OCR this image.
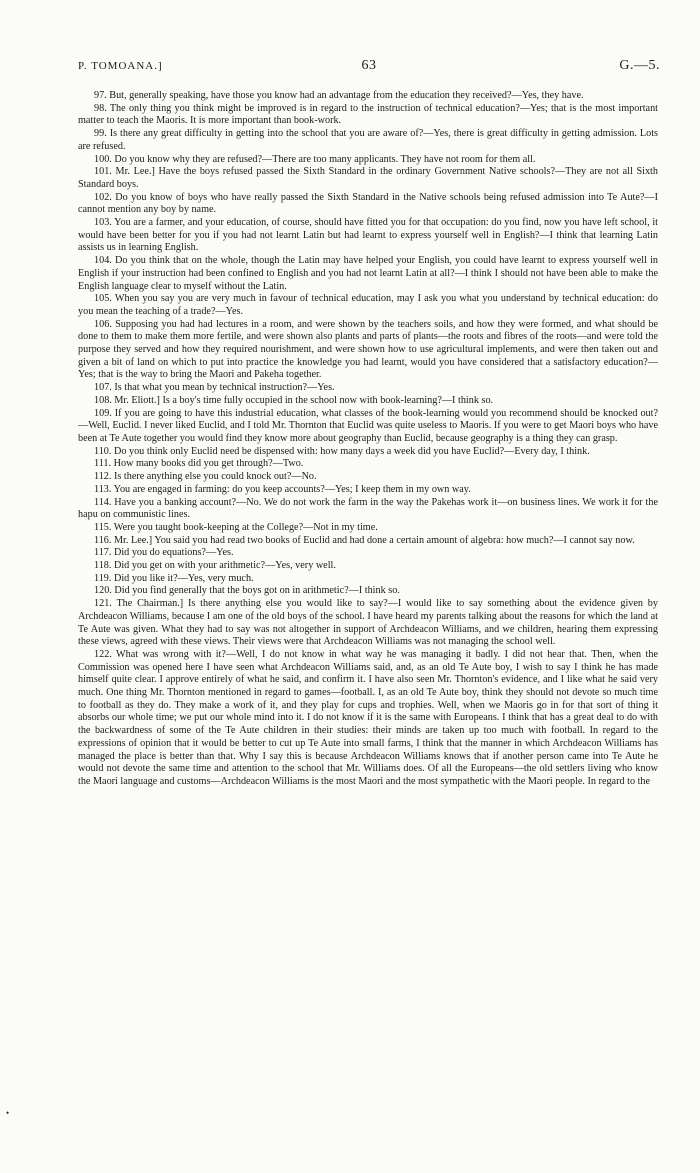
P. TOMOANA.]	63	G.—5.

97. But, generally speaking, have those you know had an advantage from the education they received?—Yes, they have.

98. The only thing you think might be improved is in regard to the instruction of technical education?—Yes; that is the most important matter to teach the Maoris. It is more important than book-work.

99. Is there any great difficulty in getting into the school that you are aware of?—Yes, there is great difficulty in getting admission. Lots are refused.

100. Do you know why they are refused?—There are too many applicants. They have not room for them all.

101. Mr. Lee.] Have the boys refused passed the Sixth Standard in the ordinary Government Native schools?—They are not all Sixth Standard boys.

102. Do you know of boys who have really passed the Sixth Standard in the Native schools being refused admission into Te Aute?—I cannot mention any boy by name.

103. You are a farmer, and your education, of course, should have fitted you for that occupation: do you find, now you have left school, it would have been better for you if you had not learnt Latin but had learnt to express yourself well in English?—I think that learning Latin assists us in learning English.

104. Do you think that on the whole, though the Latin may have helped your English, you could have learnt to express yourself well in English if your instruction had been confined to English and you had not learnt Latin at all?—I think I should not have been able to make the English language clear to myself without the Latin.

105. When you say you are very much in favour of technical education, may I ask you what you understand by technical education: do you mean the teaching of a trade?—Yes.

106. Supposing you had had lectures in a room, and were shown by the teachers soils, and how they were formed, and what should be done to them to make them more fertile, and were shown also plants and parts of plants—the roots and fibres of the roots—and were told the purpose they served and how they required nourishment, and were shown how to use agricultural implements, and were then taken out and given a bit of land on which to put into practice the knowledge you had learnt, would you have considered that a satisfactory education?—Yes; that is the way to bring the Maori and Pakeha together.

107. Is that what you mean by technical instruction?—Yes.

108. Mr. Eliott.] Is a boy's time fully occupied in the school now with book-learning?—I think so.

109. If you are going to have this industrial education, what classes of the book-learning would you recommend should be knocked out?—Well, Euclid. I never liked Euclid, and I told Mr. Thornton that Euclid was quite useless to Maoris. If you were to get Maori boys who have been at Te Aute together you would find they know more about geography than Euclid, because geography is a thing they can grasp.

110. Do you think only Euclid need be dispensed with: how many days a week did you have Euclid?—Every day, I think.

111. How many books did you get through?—Two.

112. Is there anything else you could knock out?—No.

113. You are engaged in farming: do you keep accounts?—Yes; I keep them in my own way.

114. Have you a banking account?—No. We do not work the farm in the way the Pakehas work it—on business lines. We work it for the hapu on communistic lines.

115. Were you taught book-keeping at the College?—Not in my time.

116. Mr. Lee.] You said you had read two books of Euclid and had done a certain amount of algebra: how much?—I cannot say now.

117. Did you do equations?—Yes.

118. Did you get on with your arithmetic?—Yes, very well.

119. Did you like it?—Yes, very much.

120. Did you find generally that the boys got on in arithmetic?—I think so.

121. The Chairman.] Is there anything else you would like to say?—I would like to say something about the evidence given by Archdeacon Williams, because I am one of the old boys of the school. I have heard my parents talking about the reasons for which the land at Te Aute was given. What they had to say was not altogether in support of Archdeacon Williams, and we children, hearing them expressing these views, agreed with these views. Their views were that Archdeacon Williams was not managing the school well.

122. What was wrong with it?—Well, I do not know in what way he was managing it badly. I did not hear that. Then, when the Commission was opened here I have seen what Archdeacon Williams said, and, as an old Te Aute boy, I wish to say I think he has made himself quite clear. I approve entirely of what he said, and confirm it. I have also seen Mr. Thornton's evidence, and I like what he said very much. One thing Mr. Thornton mentioned in regard to games—football. I, as an old Te Aute boy, think they should not devote so much time to football as they do. They make a work of it, and they play for cups and trophies. Well, when we Maoris go in for that sort of thing it absorbs our whole time; we put our whole mind into it. I do not know if it is the same with Europeans. I think that has a great deal to do with the backwardness of some of the Te Aute children in their studies: their minds are taken up too much with football. In regard to the expressions of opinion that it would be better to cut up Te Aute into small farms, I think that the manner in which Archdeacon Williams has managed the place is better than that. Why I say this is because Archdeacon Williams knows that if another person came into Te Aute he would not devote the same time and attention to the school that Mr. Williams does. Of all the Europeans—the old settlers living who know the Maori language and customs—Archdeacon Williams is the most Maori and the most sympathetic with the Maori people. In regard to the

•
